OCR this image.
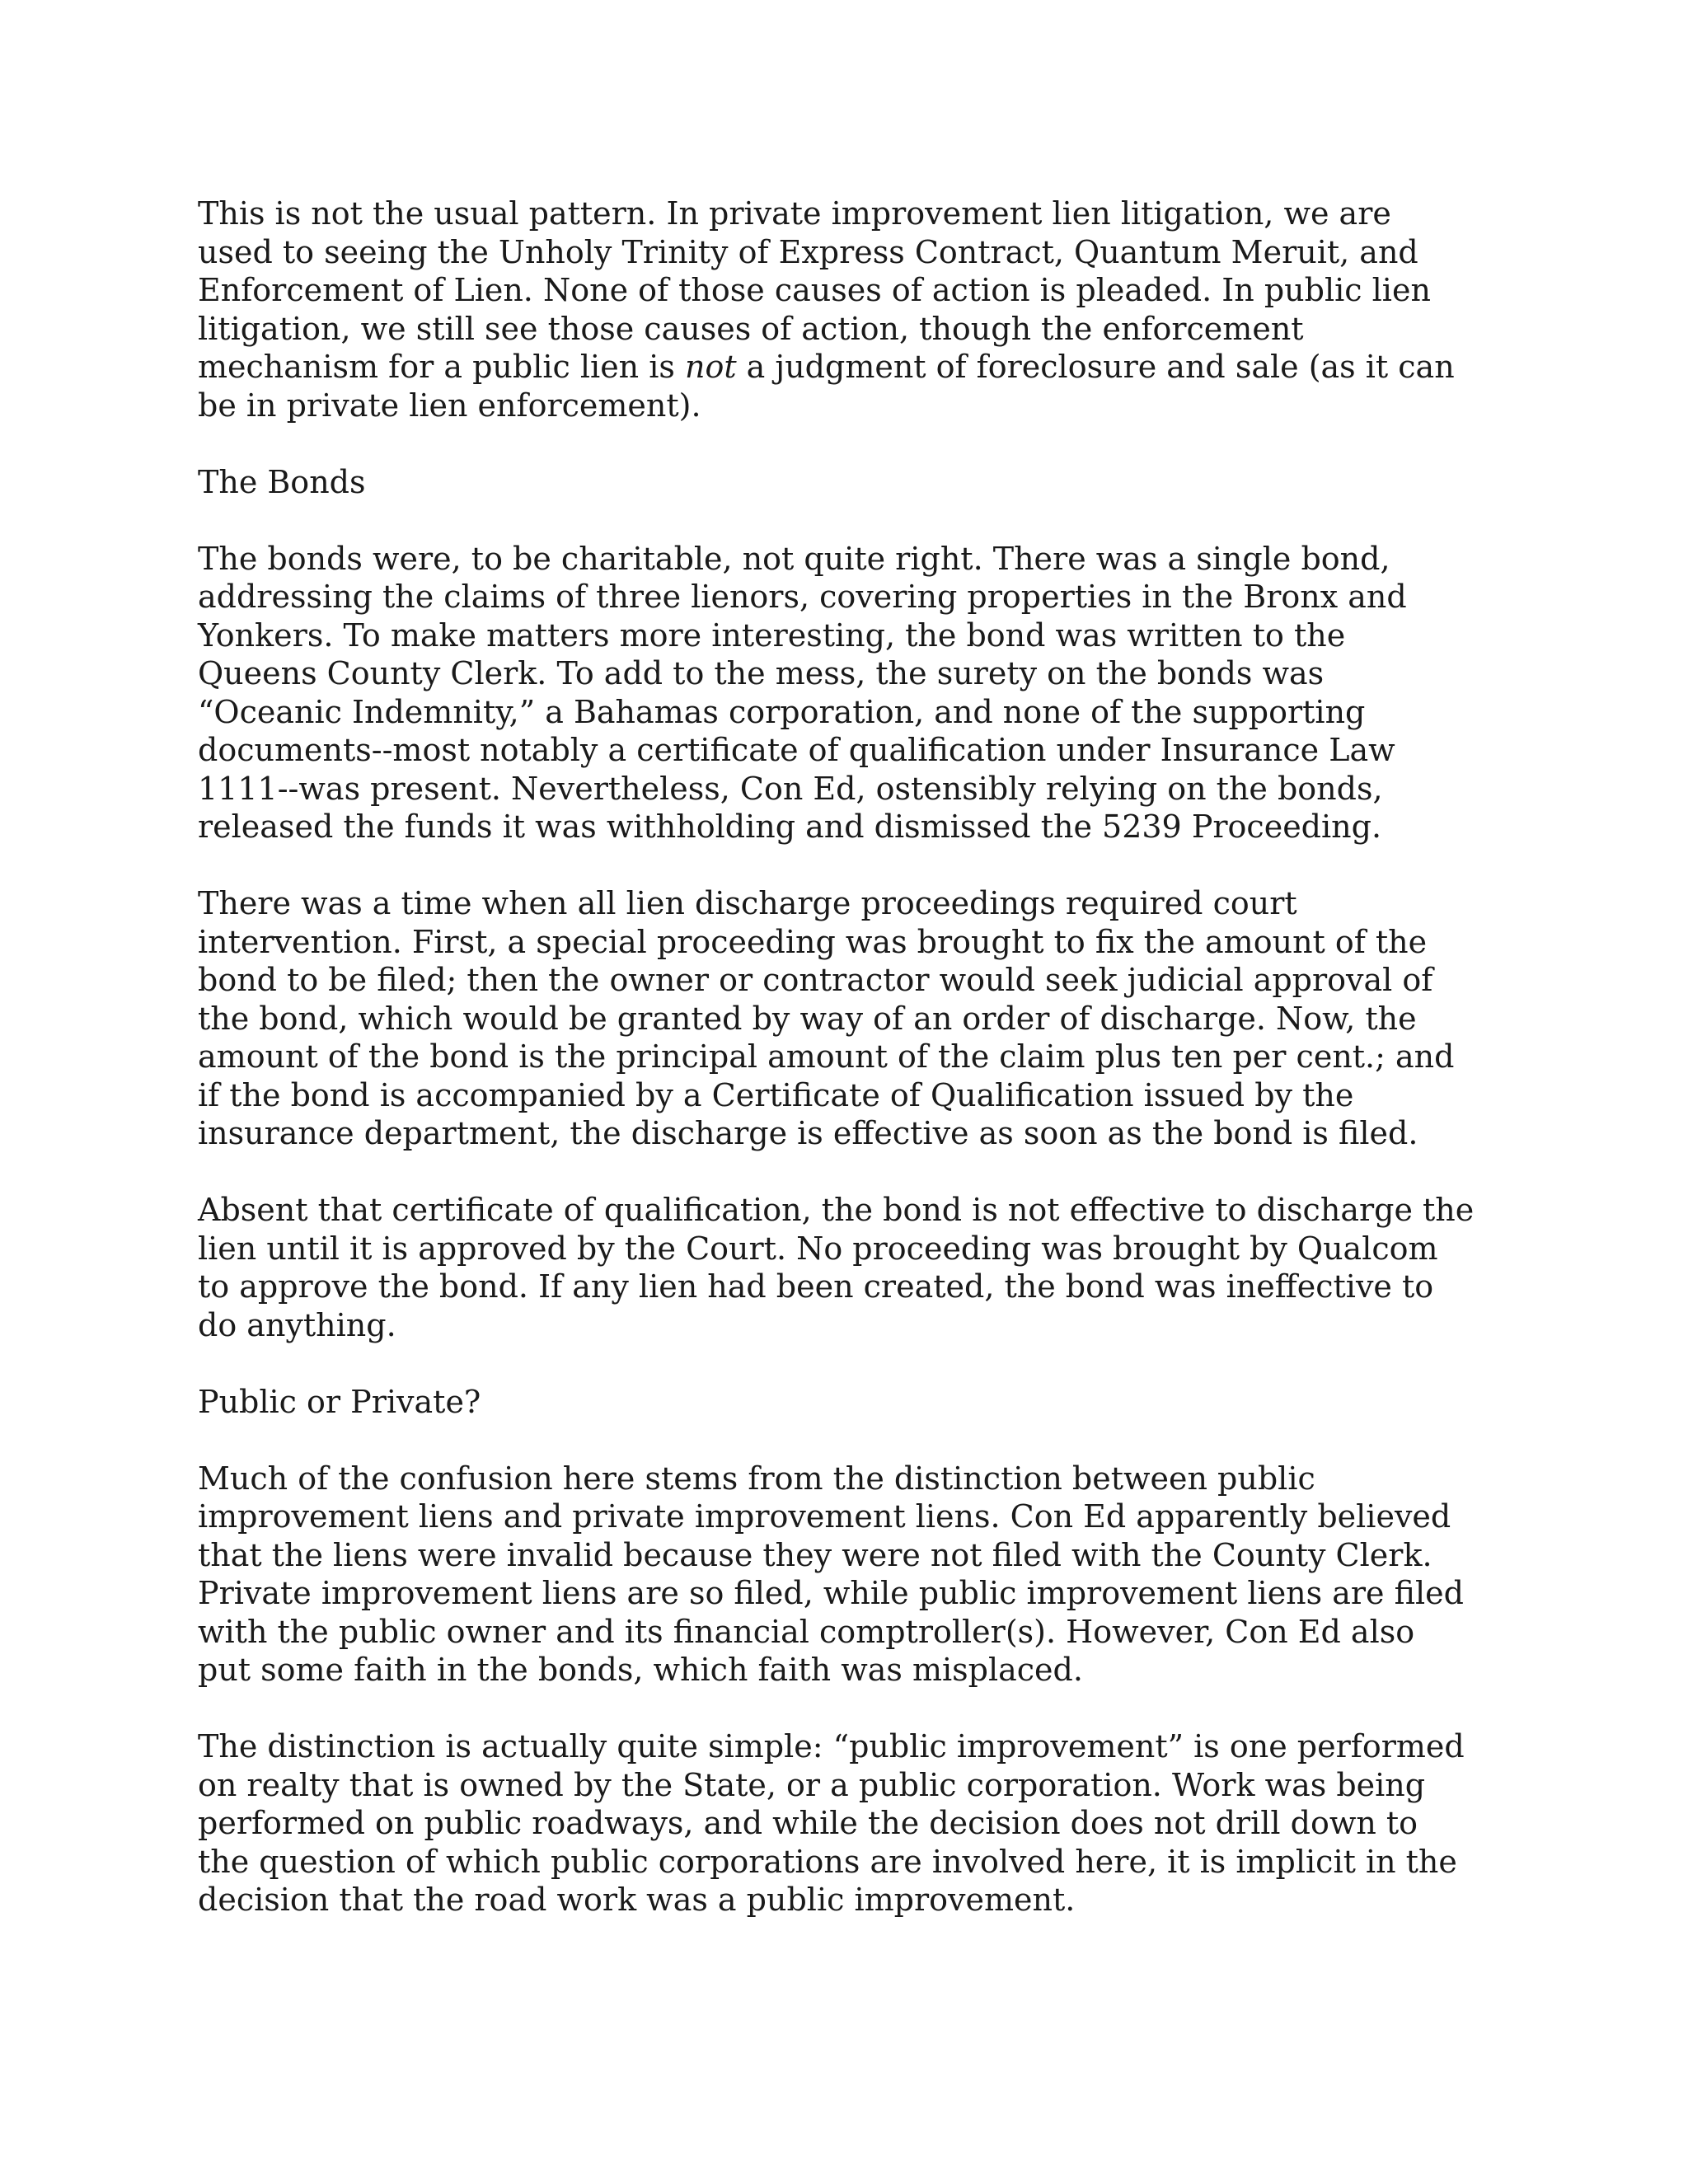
This is not the usual pattern. In private improvement lien litigation, we are
used to seeing the Unholy Trinity of Express Contract, Quantum Meruit, and
Enforcement of Lien. None of those causes of action is pleaded. In public lien
litigation, we still see those causes of action, though the enforcement
mechanism for a public lien is not a judgment of foreclosure and sale (as it can
be in private lien enforcement).

The Bonds

The bonds were, to be charitable, not quite right. There was a single bond,
addressing the claims of three lienors, covering properties in the Bronx and
Yonkers. To make matters more interesting, the bond was written to the
Queens County Clerk. To add to the mess, the surety on the bonds was
“Oceanic Indemnity,” a Bahamas corporation, and none of the supporting
documents--most notably a certificate of qualification under Insurance Law
1111--was present. Nevertheless, Con Ed, ostensibly relying on the bonds,
released the funds it was withholding and dismissed the 5239 Proceeding.

There was a time when all lien discharge proceedings required court
intervention. First, a special proceeding was brought to fix the amount of the
bond to be filed; then the owner or contractor would seek judicial approval of
the bond, which would be granted by way of an order of discharge. Now, the
amount of the bond is the principal amount of the claim plus ten per cent.; and
if the bond is accompanied by a Certificate of Qualification issued by the
insurance department, the discharge is effective as soon as the bond is filed.

Absent that certificate of qualification, the bond is not effective to discharge the
lien until it is approved by the Court. No proceeding was brought by Qualcom
to approve the bond. If any lien had been created, the bond was ineffective to
do anything.

Public or Private?

Much of the confusion here stems from the distinction between public
improvement liens and private improvement liens. Con Ed apparently believed
that the liens were invalid because they were not filed with the County Clerk.
Private improvement liens are so filed, while public improvement liens are filed
with the public owner and its financial comptroller(s). However, Con Ed also
put some faith in the bonds, which faith was misplaced.

The distinction is actually quite simple: “public improvement” is one performed
on realty that is owned by the State, or a public corporation. Work was being
performed on public roadways, and while the decision does not drill down to
the question of which public corporations are involved here, it is implicit in the
decision that the road work was a public improvement.
